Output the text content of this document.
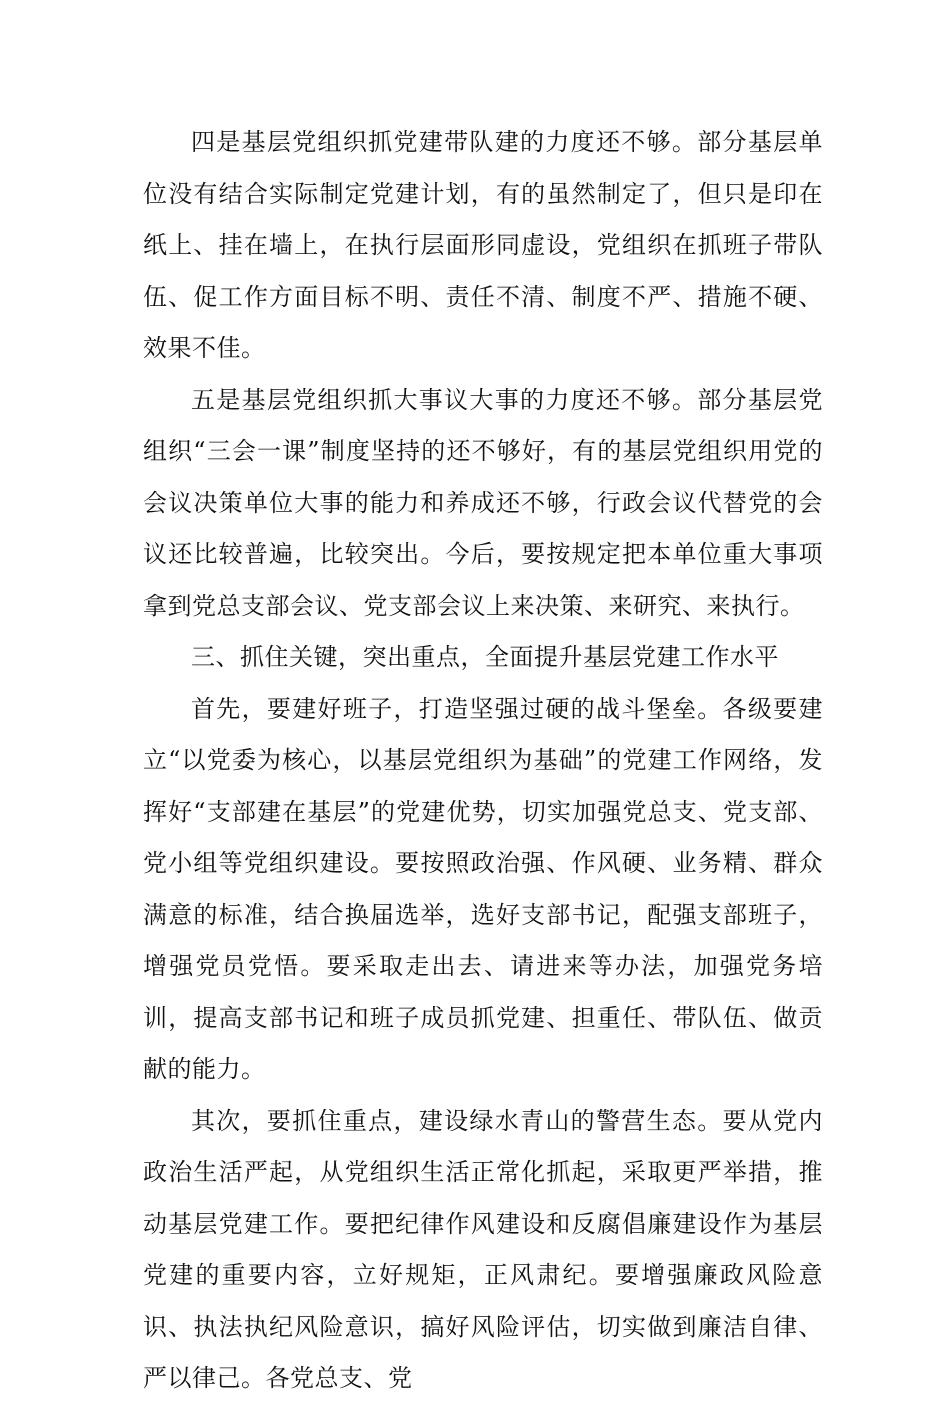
四是基层党组织抓党建带队建的力度还不够。部分基层单位没有结合实际制定党建计划，有的虽然制定了，但只是印在纸上、挂在墙上，在执行层面形同虚设，党组织在抓班子带队伍、促工作方面目标不明、责任不清、制度不严、措施不硬、效果不佳。

五是基层党组织抓大事议大事的力度还不够。部分基层党组织“三会一课”制度坚持的还不够好，有的基层党组织用党的会议决策单位大事的能力和养成还不够，行政会议代替党的会议还比较普遍，比较突出。今后，要按规定把本单位重大事项拿到党总支部会议、党支部会议上来决策、来研究、来执行。

三、抓住关键，突出重点，全面提升基层党建工作水平

首先，要建好班子，打造坚强过硬的战斗堡垒。各级要建立“以党委为核心，以基层党组织为基础”的党建工作网络，发挥好“支部建在基层”的党建优势，切实加强党总支、党支部、党小组等党组织建设。要按照政治强、作风硬、业务精、群众满意的标准，结合换届选举，选好支部书记，配强支部班子，增强党员党悟。要采取走出去、请进来等办法，加强党务培训，提高支部书记和班子成员抓党建、担重任、带队伍、做贡献的能力。

其次，要抓住重点，建设绿水青山的警营生态。要从党内政治生活严起，从党组织生活正常化抓起，采取更严举措，推动基层党建工作。要把纪律作风建设和反腐倡廉建设作为基层党建的重要内容，立好规矩，正风肃纪。要增强廉政风险意识、执法执纪风险意识，搞好风险评估，切实做到廉洁自律、严以律己。各党总支、党
